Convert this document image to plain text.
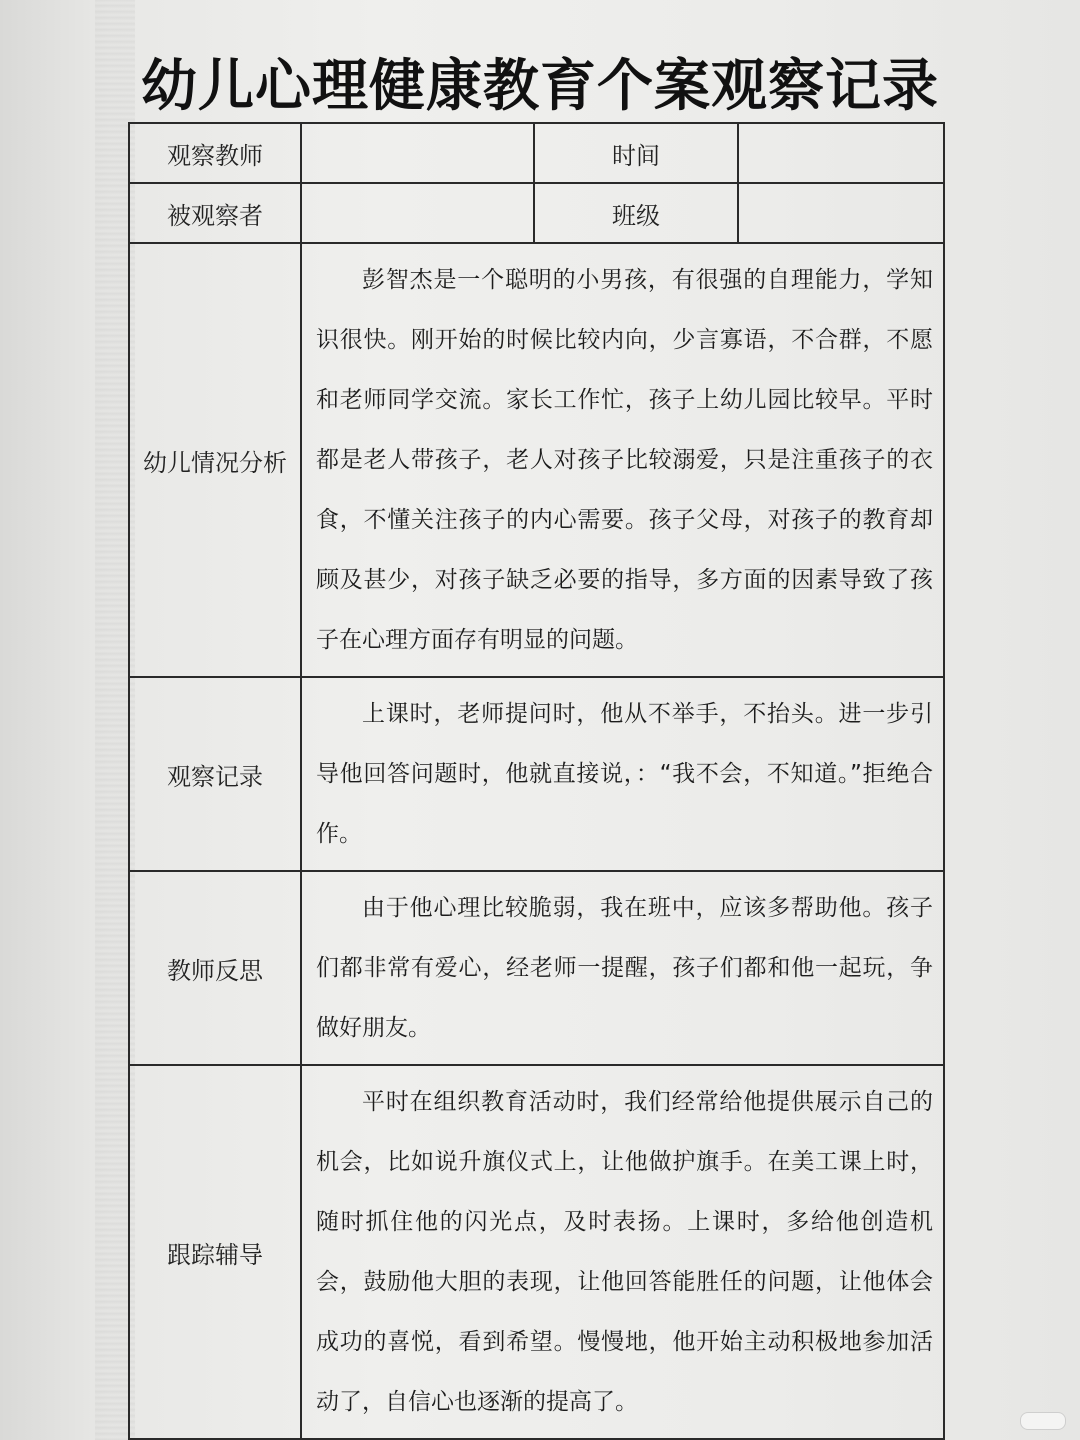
幼儿心理健康教育个案观察记录
观察教师		时间	
被观察者		班级	
幼儿情况分析	彭智杰是一个聪明的小男孩，有很强的自理能力，学知识很快。刚开始的时候比较内向，少言寡语，不合群，不愿和老师同学交流。家长工作忙，孩子上幼儿园比较早。平时都是老人带孩子，老人对孩子比较溺爱，只是注重孩子的衣食，不懂关注孩子的内心需要。孩子父母，对孩子的教育却顾及甚少，对孩子缺乏必要的指导，多方面的因素导致了孩子在心理方面存有明显的问题。		

观察记录	上课时，老师提问时，他从不举手，不抬头。进一步引导他回答问题时，他就直接说，：“我不会，不知道。”拒绝合作。		

教师反思	由于他心理比较脆弱，我在班中，应该多帮助他。孩子们都非常有爱心，经老师一提醒，孩子们都和他一起玩，争做好朋友。		

跟踪辅导	平时在组织教育活动时，我们经常给他提供展示自己的机会，比如说升旗仪式上，让他做护旗手。在美工课上时，随时抓住他的闪光点，及时表扬。上课时，多给他创造机会，鼓励他大胆的表现，让他回答能胜任的问题，让他体会成功的喜悦，看到希望。慢慢地，他开始主动积极地参加活动了，自信心也逐渐的提高了。		
